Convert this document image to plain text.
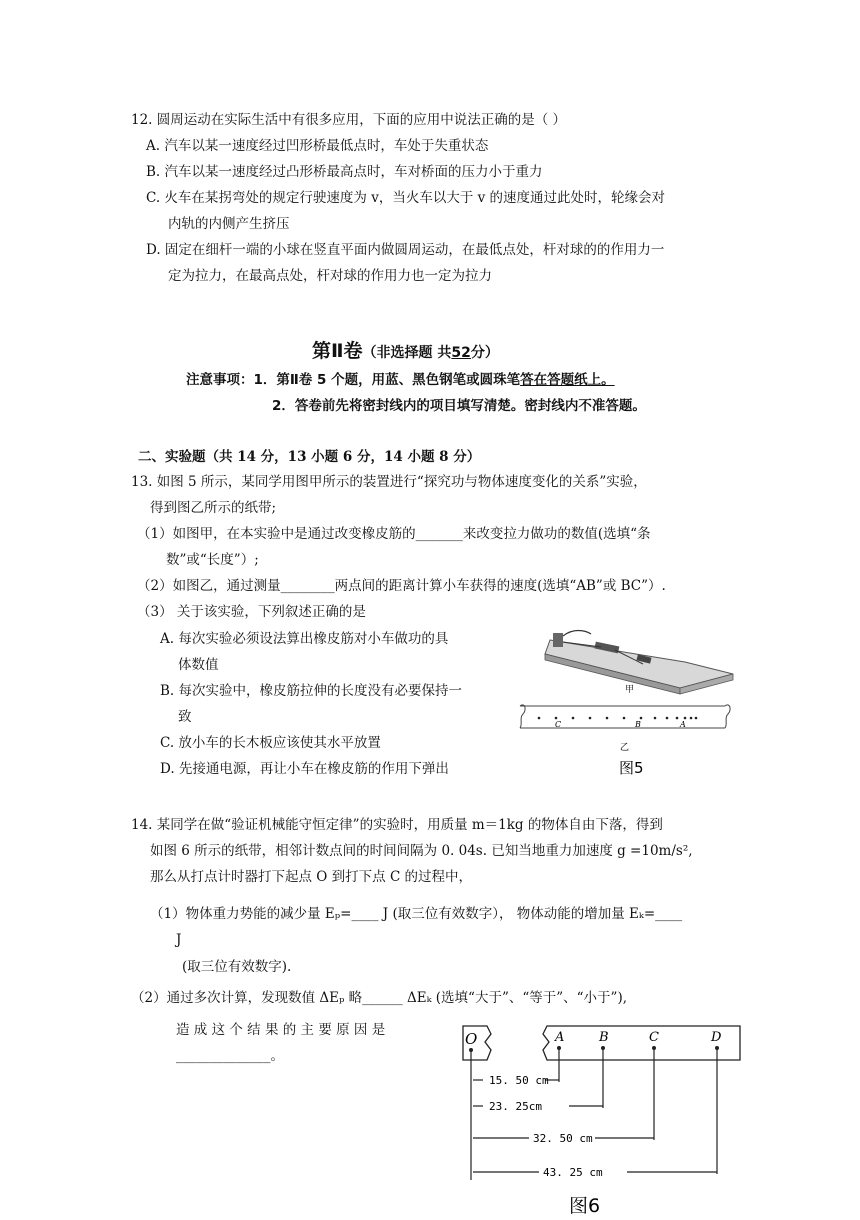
12. 圆周运动在实际生活中有很多应用，下面的应用中说法正确的是（ ）
A. 汽车以某一速度经过凹形桥最低点时，车处于失重状态
B. 汽车以某一速度经过凸形桥最高点时，车对桥面的压力小于重力
C. 火车在某拐弯处的规定行驶速度为 v，当火车以大于 v 的速度通过此处时，轮缘会对
内轨的内侧产生挤压
D. 固定在细杆一端的小球在竖直平面内做圆周运动，在最低点处，杆对球的的作用力一
定为拉力，在最高点处，杆对球的作用力也一定为拉力
第Ⅱ卷（非选择题 共52分）
注意事项：1．第Ⅱ卷 5 个题，用蓝、黑色钢笔或圆珠笔答在答题纸上。
2．答卷前先将密封线内的项目填写清楚。密封线内不准答题。
二、实验题（共 14 分，13 小题 6 分，14 小题 8 分）
13. 如图 5 所示，某同学用图甲所示的装置进行“探究功与物体速度变化的关系”实验，
得到图乙所示的纸带;
（1）如图甲，在本实验中是通过改变橡皮筋的_______来改变拉力做功的数值(选填“条
数”或“长度”）;
（2）如图乙，通过测量________两点间的距离计算小车获得的速度(选填“AB”或 BC”）.
（3） 关于该实验，下列叙述正确的是
A. 每次实验必须设法算出橡皮筋对小车做功的具
体数值
B. 每次实验中，橡皮筋拉伸的长度没有必要保持一
致
C. 放小车的长木板应该使其水平放置
D. 先接通电源，再让小车在橡皮筋的作用下弹出
甲
C	B	A
乙
图5
14. 某同学在做“验证机械能守恒定律”的实验时，用质量 m＝1kg 的物体自由下落，得到
如图 6 所示的纸带，相邻计数点间的时间间隔为 0. 04s. 已知当地重力加速度 g =10m/s²,
那么从打点计时器打下起点 O 到打下点 C 的过程中，
（1）物体重力势能的减少量 Eₚ=____ J (取三位有效数字）， 物体动能的增加量 Eₖ=____
J
(取三位有效数字).
（2）通过多次计算，发现数值 ΔEₚ 略______ ΔEₖ (选填“大于”、“等于”、“小于”),
造 成 这 个 结 果 的 主 要 原 因 是
______________。
O	A	B	C	D
15. 50 cm
23. 25cm
32. 50 cm
43. 25 cm
图6
